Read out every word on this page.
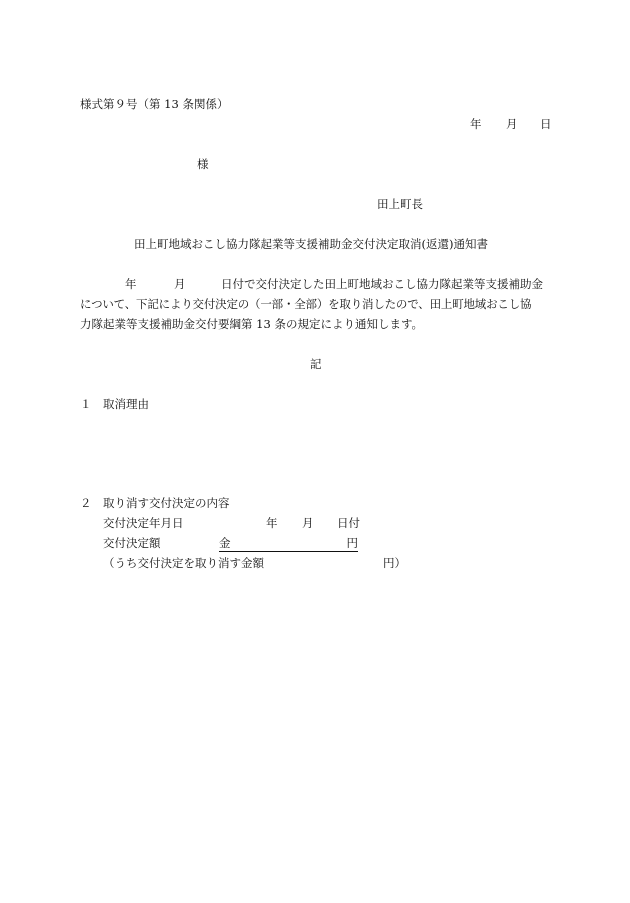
様式第９号（第 13 条関係）
年 月 日
様
田上町長
田上町地域おこし協力隊起業等支援補助金交付決定取消(返還)通知書
年	月	日付で交付決定した田上町地域おこし協力隊起業等支援補助金
について、下記により交付決定の（一部・全部）を取り消したので、田上町地域おこし協
力隊起業等支援補助金交付要綱第 13 条の規定により通知します。
記
１ 取消理由
２ 取り消す交付決定の内容
交付決定年月日	年 月 日付
交付決定額	金	円
（うち交付決定を取り消す金額	円）
